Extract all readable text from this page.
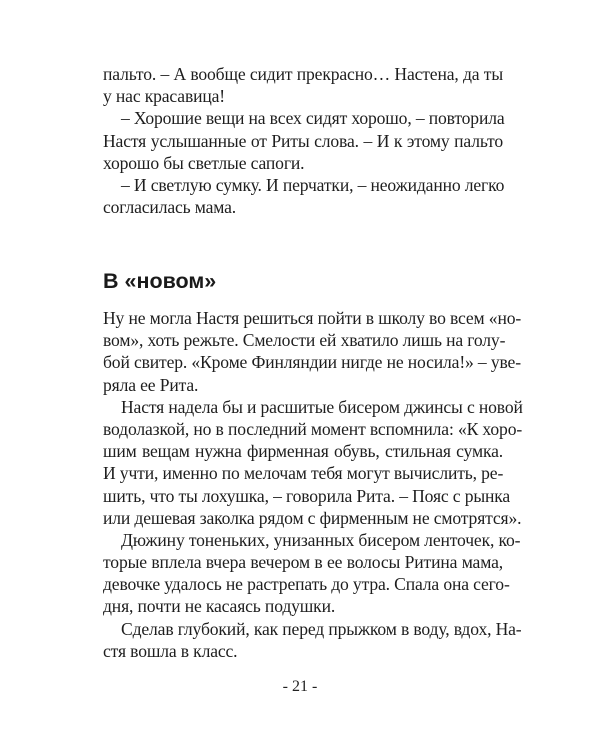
пальто. – А вообще сидит прекрасно… Настена, да ты
у нас красавица!
– Хорошие вещи на всех сидят хорошо, – повторила
Настя услышанные от Риты слова. – И к этому пальто
хорошо бы светлые сапоги.
– И светлую сумку. И перчатки, – неожиданно легко
согласилась мама.
В «новом»
Ну не могла Настя решиться пойти в школу во всем «но-
вом», хоть режьте. Смелости ей хватило лишь на голу-
бой свитер. «Кроме Финляндии нигде не носила!» – уве-
ряла ее Рита.
Настя надела бы и расшитые бисером джинсы с новой
водолазкой, но в последний момент вспомнила: «К хоро-
шим вещам нужна фирменная обувь, стильная сумка.
И учти, именно по мелочам тебя могут вычислить, ре-
шить, что ты лохушка, – говорила Рита. – Пояс с рынка
или дешевая заколка рядом с фирменным не смотрятся».
Дюжину тоненьких, унизанных бисером ленточек, ко-
торые вплела вчера вечером в ее волосы Ритина мама,
девочке удалось не растрепать до утра. Спала она сего-
дня, почти не касаясь подушки.
Сделав глубокий, как перед прыжком в воду, вдох, На-
стя вошла в класс.
- 21 -
